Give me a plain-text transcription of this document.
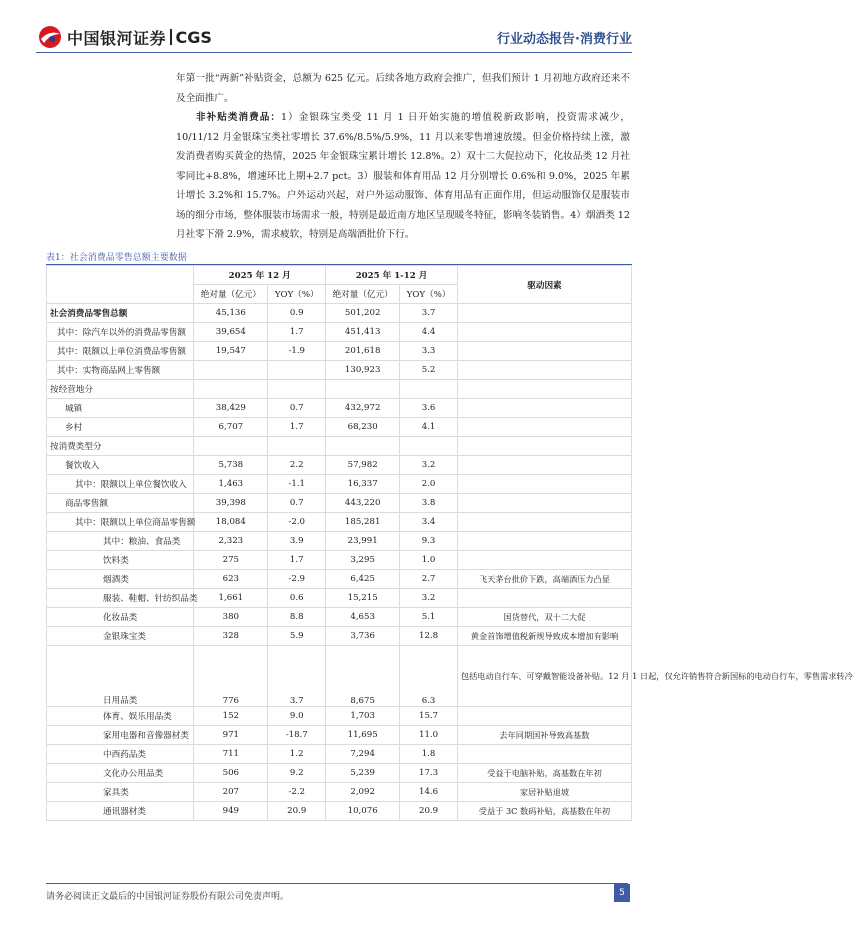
中国银河证券 CGS	行业动态报告·消费行业
年第一批“两新”补贴资金，总额为 625 亿元。后续各地方政府会推广，但我们预计 1 月初地方政府还来不及全面推广。
非补贴类消费品：1）金银珠宝类受 11 月 1 日开始实施的增值税新政影响，投资需求减少，10/11/12 月金银珠宝类社零增长 37.6%/8.5%/5.9%，11 月以来零售增速放缓。但金价格持续上涨，激发消费者购买黄金的热情，2025 年金银珠宝累计增长 12.8%。2）双十二大促拉动下，化妆品类 12 月社零同比+8.8%，增速环比上期+2.7 pct。3）服装和体育用品 12 月分别增长 0.6%和 9.0%，2025 年累计增长 3.2%和 15.7%。户外运动兴起，对户外运动服饰、体育用品有正面作用，但运动服饰仅是服装市场的细分市场，整体服装市场需求一般，特别是最近南方地区呈现暖冬特征，影响冬装销售。4）烟酒类 12 月社零下滑 2.9%，需求疲软，特别是高端酒批价下行。
表1：社会消费品零售总额主要数据
	2025 年 12 月		2025 年 1-12 月		驱动因素
	绝对量（亿元）	YOY（%）	绝对量（亿元）	YOY（%）	
社会消费品零售总额	45,136	0.9	501,202	3.7	
其中：除汽车以外的消费品零售额	39,654	1.7	451,413	4.4	
其中：限额以上单位消费品零售额	19,547	-1.9	201,618	3.3	
其中：实物商品网上零售额			130,923	5.2	
按经营地分					
城镇	38,429	0.7	432,972	3.6	
乡村	6,707	1.7	68,230	4.1	
按消费类型分					
餐饮收入	5,738	2.2	57,982	3.2	
其中：限额以上单位餐饮收入	1,463	-1.1	16,337	2.0	
商品零售额	39,398	0.7	443,220	3.8	
其中：限额以上单位商品零售额	18,084	-2.0	185,281	3.4	
其中：粮油、食品类	2,323	3.9	23,991	9.3	
饮料类	275	1.7	3,295	1.0	
烟酒类	623	-2.9	6,425	2.7	飞天茅台批价下跌，高端酒压力凸显
服装、鞋帽、针纺织品类	1,661	0.6	15,215	3.2	
化妆品类	380	8.8	4,653	5.1	国货替代，双十二大促
金银珠宝类	328	5.9	3,736	12.8	黄金首饰增值税新规导致成本增加有影响
日用品类	776	3.7	8,675	6.3	包括电动自行车、可穿戴智能设备补贴。12 月 1 日起，仅允许销售符合新国标的电动自行车，零售需求转冷
体育、娱乐用品类	152	9.0	1,703	15.7	
家用电器和音像器材类	971	-18.7	11,695	11.0	去年同期国补导致高基数
中西药品类	711	1.2	7,294	1.8	
文化办公用品类	506	9.2	5,239	17.3	受益于电脑补贴，高基数在年初
家具类	207	-2.2	2,092	14.6	家居补贴退坡
通讯器材类	949	20.9	10,076	20.9	受益于 3C 数码补贴，高基数在年初
请务必阅读正文最后的中国银河证券股份有限公司免责声明。	5
